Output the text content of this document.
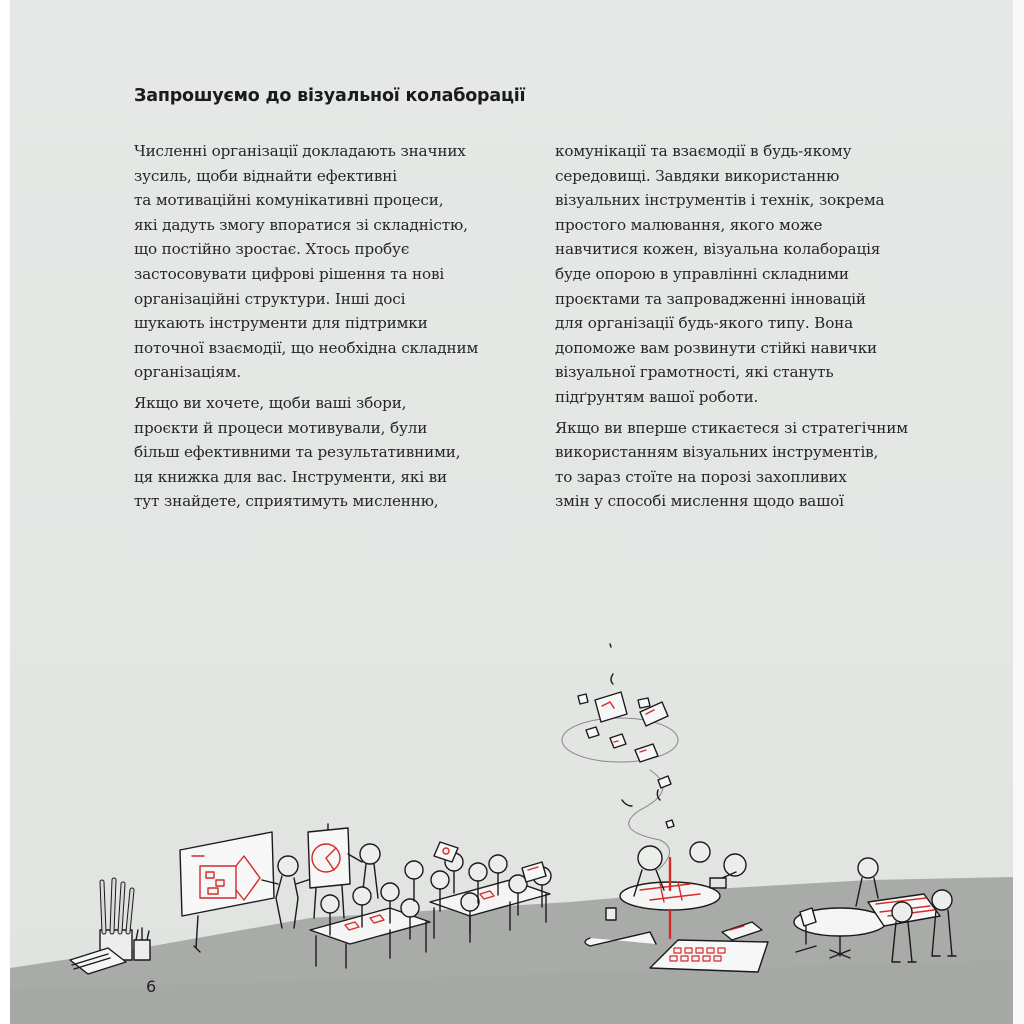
Запрошуємо до візуальної колаборації

Численні організації докладають значних
зусиль, щоби віднайти ефективні
та мотиваційні комунікативні процеси,
які дадуть змогу впоратися зі складністю,
що постійно зростає. Хтось пробує
застосовувати цифрові рішення та нові
організаційні структури. Інші досі
шукають інструменти для підтримки
поточної взаємодії, що необхідна складним
організаціям.

Якщо ви хочете, щоби ваші збори,
проєкти й процеси мотивували, були
більш ефективними та результативними,
ця книжка для вас. Інструменти, які ви
тут знайдете, сприятимуть мисленню,

комунікації та взаємодії в будь-якому
середовищі. Завдяки використанню
візуальних інструментів і технік, зокрема
простого малювання, якого може
навчитися кожен, візуальна колаборація
буде опорою в управлінні складними
проєктами та запровадженні інновацій
для організації будь-якого типу. Вона
допоможе вам розвинути стійкі навички
візуальної грамотності, які стануть
підґрунтям вашої роботи.

Якщо ви вперше стикаєтеся зі стратегічним
використанням візуальних інструментів,
то зараз стоїте на порозі захопливих
змін у способі мислення щодо вашої

6
